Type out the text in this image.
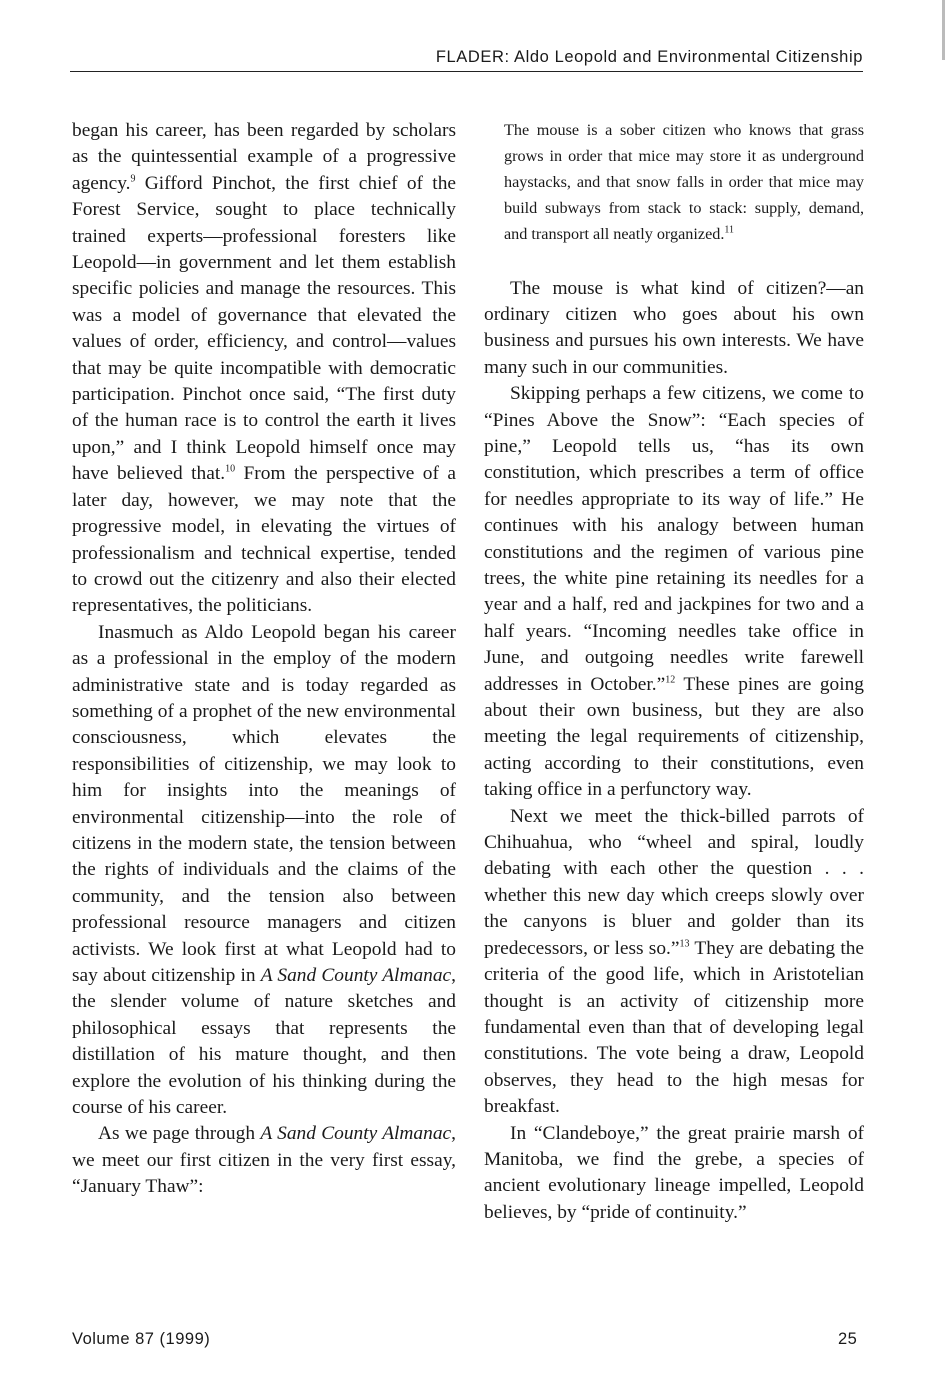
FLADER: Aldo Leopold and Environmental Citizenship

began his career, has been regarded by scholars as the quintessential example of a progressive agency.$^9$ Gifford Pinchot, the first chief of the Forest Service, sought to place technically trained experts—professional foresters like Leopold—in government and let them establish specific policies and manage the resources. This was a model of governance that elevated the values of order, efficiency, and control—values that may be quite incompatible with democratic participation. Pinchot once said, “The first duty of the human race is to control the earth it lives upon,” and I think Leopold himself once may have believed that.$^{10}$ From the perspective of a later day, however, we may note that the progressive model, in elevating the virtues of professionalism and technical expertise, tended to crowd out the citizenry and also their elected representatives, the politicians.

Inasmuch as Aldo Leopold began his career as a professional in the employ of the modern administrative state and is today regarded as something of a prophet of the new environmental consciousness, which elevates the responsibilities of citizenship, we may look to him for insights into the meanings of environmental citizenship—into the role of citizens in the modern state, the tension between the rights of individuals and the claims of the community, and the tension also between professional resource managers and citizen activists. We look first at what Leopold had to say about citizenship in A Sand County Almanac, the slender volume of nature sketches and philosophical essays that represents the distillation of his mature thought, and then explore the evolution of his thinking during the course of his career.

As we page through A Sand County Almanac, we meet our first citizen in the very first essay, “January Thaw”:

The mouse is a sober citizen who knows that grass grows in order that mice may store it as underground haystacks, and that snow falls in order that mice may build subways from stack to stack: supply, demand, and transport all neatly organized.$^{11}$

The mouse is what kind of citizen?—an ordinary citizen who goes about his own business and pursues his own interests. We have many such in our communities.

Skipping perhaps a few citizens, we come to “Pines Above the Snow”: “Each species of pine,” Leopold tells us, “has its own constitution, which prescribes a term of office for needles appropriate to its way of life.” He continues with his analogy between human constitutions and the regimen of various pine trees, the white pine retaining its needles for a year and a half, red and jackpines for two and a half years. “Incoming needles take office in June, and outgoing needles write farewell addresses in October.”$^{12}$ These pines are going about their own business, but they are also meeting the legal requirements of citizenship, acting according to their constitutions, even taking office in a perfunctory way.

Next we meet the thick-billed parrots of Chihuahua, who “wheel and spiral, loudly debating with each other the question . . . whether this new day which creeps slowly over the canyons is bluer and golder than its predecessors, or less so.”$^{13}$ They are debating the criteria of the good life, which in Aristotelian thought is an activity of citizenship more fundamental even than that of developing legal constitutions. The vote being a draw, Leopold observes, they head to the high mesas for breakfast.

In “Clandeboye,” the great prairie marsh of Manitoba, we find the grebe, a species of ancient evolutionary lineage impelled, Leopold believes, by “pride of continuity.”

Volume 87 (1999)	25
